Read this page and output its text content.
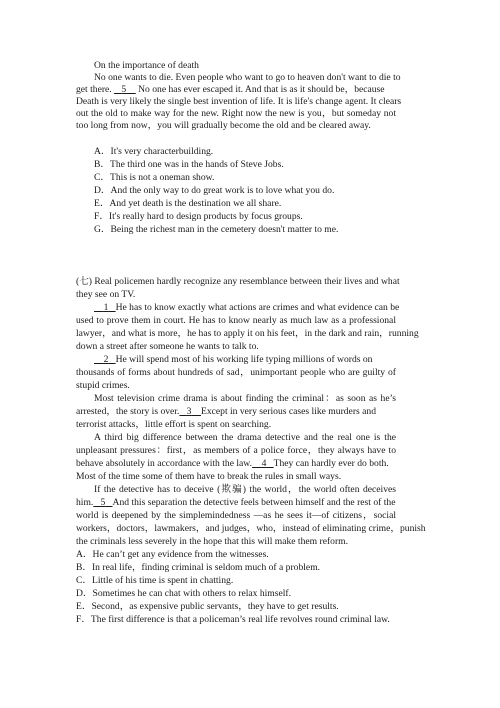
On the importance of death
No one wants to die. Even people who want to go to heaven don't want to die to
get there. 5 No one has ever escaped it. And that is as it should be，because
Death is very likely the single best invention of life. It is life's change agent. It clears
out the old to make way for the new. Right now the new is you，but someday not
too long from now，you will gradually become the old and be cleared away.
A．It's very characterbuilding.
B．The third one was in the hands of Steve Jobs.
C．This is not a oneman show.
D．And the only way to do great work is to love what you do.
E．And yet death is the destination we all share.
F．It's really hard to design products by focus groups.
G．Being the richest man in the cemetery doesn't matter to me.
(七) Real policemen hardly recognize any resemblance between their lives and what
they see on TV.
1 He has to know exactly what actions are crimes and what evidence can be
used to prove them in court. He has to know nearly as much law as a professional
lawyer，and what is more，he has to apply it on his feet，in the dark and rain，running
down a street after someone he wants to talk to.
2 He will spend most of his working life typing millions of words on
thousands of forms about hundreds of sad，unimportant people who are guilty of
stupid crimes.
Most television crime drama is about finding the criminal：as soon as he’s
arrested，the story is over. 3 Except in very serious cases like murders and
terrorist attacks，little effort is spent on searching.
A third big difference between the drama detective and the real one is the
unpleasant pressures：first，as members of a police force，they always have to
behave absolutely in accordance with the law. 4 They can hardly ever do both.
Most of the time some of them have to break the rules in small ways.
If the detective has to deceive (欺骗) the world，the world often deceives
him. 5 And this separation the detective feels between himself and the rest of the
world is deepened by the simplemindedness —as he sees it—of citizens，social
workers，doctors，lawmakers，and judges，who，instead of eliminating crime，punish
the criminals less severely in the hope that this will make them reform.
A．He can’t get any evidence from the witnesses.
B．In real life，finding criminal is seldom much of a problem.
C．Little of his time is spent in chatting.
D．Sometimes he can chat with others to relax himself.
E．Second，as expensive public servants，they have to get results.
F．The first difference is that a policeman’s real life revolves round criminal law.
